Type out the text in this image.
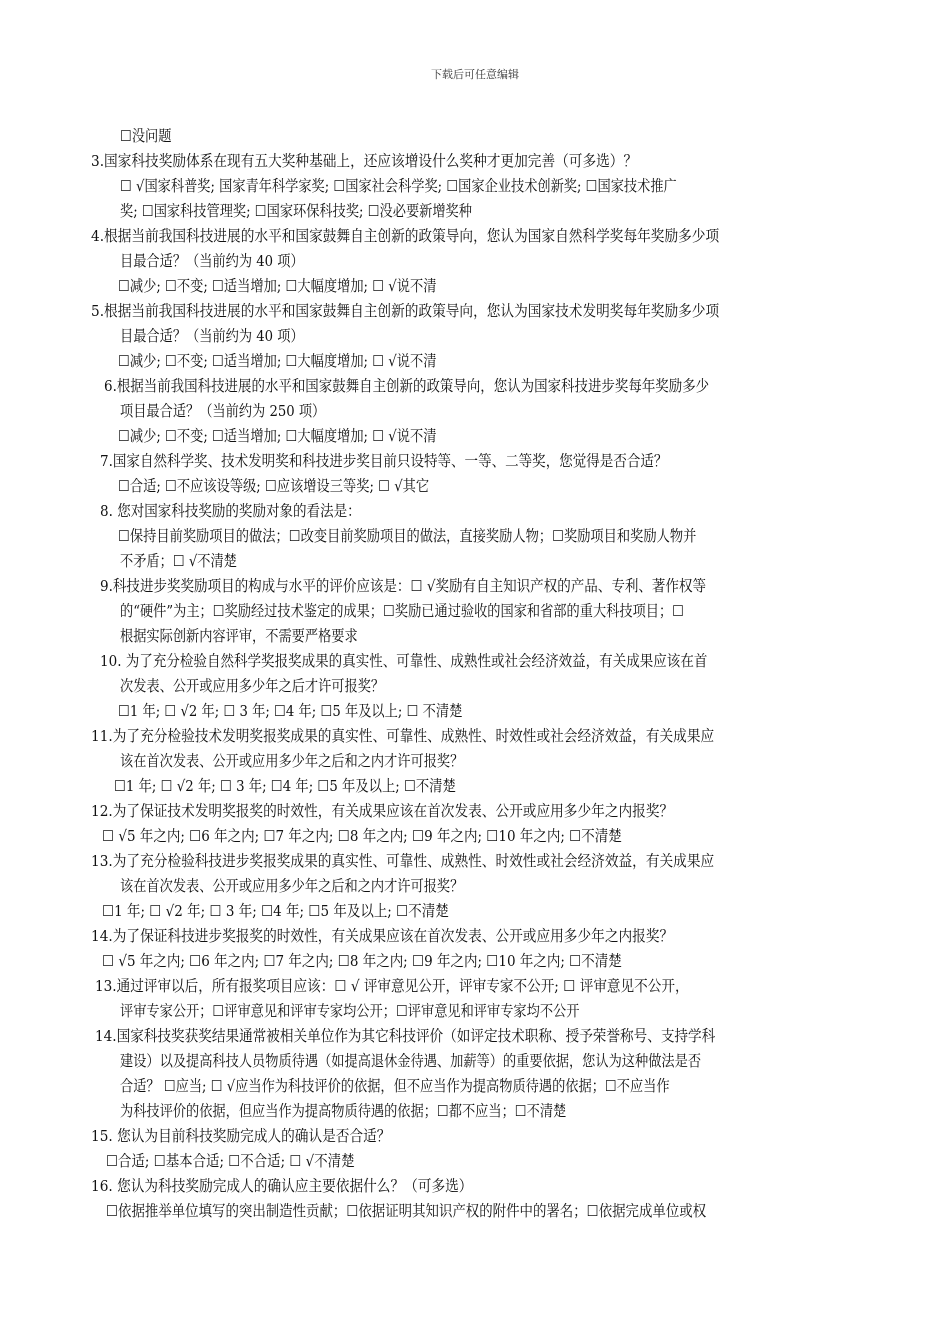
下载后可任意编辑
☐没问题
3.国家科技奖励体系在现有五大奖种基础上，还应该增设什么奖种才更加完善（可多选）？
☐ √国家科普奖; 国家青年科学家奖; ☐国家社会科学奖; ☐国家企业技术创新奖; ☐国家技术推广
奖; ☐国家科技管理奖; ☐国家环保科技奖; ☐没必要新增奖种
4.根据当前我国科技进展的水平和国家鼓舞自主创新的政策导向，您认为国家自然科学奖每年奖励多少项
目最合适？（当前约为 40 项）
☐减少; ☐不变; ☐适当增加; ☐大幅度增加; ☐ √说不清
5.根据当前我国科技进展的水平和国家鼓舞自主创新的政策导向，您认为国家技术发明奖每年奖励多少项
目最合适？（当前约为 40 项）
☐减少; ☐不变; ☐适当增加; ☐大幅度增加; ☐ √说不清
6.根据当前我国科技进展的水平和国家鼓舞自主创新的政策导向，您认为国家科技进步奖每年奖励多少
项目最合适？（当前约为 250 项）
☐减少; ☐不变; ☐适当增加; ☐大幅度增加; ☐ √说不清
7.国家自然科学奖、技术发明奖和科技进步奖目前只设特等、一等、二等奖，您觉得是否合适？
☐合适; ☐不应该设等级; ☐应该增设三等奖; ☐ √其它
8. 您对国家科技奖励的奖励对象的看法是：
☐保持目前奖励项目的做法；☐改变目前奖励项目的做法，直接奖励人物；☐奖励项目和奖励人物并
不矛盾；☐ √不清楚
9.科技进步奖奖励项目的构成与水平的评价应该是：☐ √奖励有自主知识产权的产品、专利、著作权等
的“硬件”为主；☐奖励经过技术鉴定的成果；☐奖励已通过验收的国家和省部的重大科技项目；☐
根据实际创新内容评审，不需要严格要求
10. 为了充分检验自然科学奖报奖成果的真实性、可靠性、成熟性或社会经济效益，有关成果应该在首
次发表、公开或应用多少年之后才许可报奖？
☐1 年; ☐ √2 年; ☐ 3 年; ☐4 年; ☐5 年及以上; ☐ 不清楚
11.为了充分检验技术发明奖报奖成果的真实性、可靠性、成熟性、时效性或社会经济效益，有关成果应
该在首次发表、公开或应用多少年之后和之内才许可报奖？
☐1 年; ☐ √2 年; ☐ 3 年; ☐4 年; ☐5 年及以上; ☐不清楚
12.为了保证技术发明奖报奖的时效性，有关成果应该在首次发表、公开或应用多少年之内报奖？
☐ √5 年之内; ☐6 年之内; ☐7 年之内; ☐8 年之内; ☐9 年之内; ☐10 年之内; ☐不清楚
13.为了充分检验科技进步奖报奖成果的真实性、可靠性、成熟性、时效性或社会经济效益，有关成果应
该在首次发表、公开或应用多少年之后和之内才许可报奖？
☐1 年; ☐ √2 年; ☐ 3 年; ☐4 年; ☐5 年及以上; ☐不清楚
14.为了保证科技进步奖报奖的时效性，有关成果应该在首次发表、公开或应用多少年之内报奖？
☐ √5 年之内; ☐6 年之内; ☐7 年之内; ☐8 年之内; ☐9 年之内; ☐10 年之内; ☐不清楚
13.通过评审以后，所有报奖项目应该：☐ √ 评审意见公开，评审专家不公开; ☐ 评审意见不公开，
评审专家公开；☐评审意见和评审专家均公开；☐评审意见和评审专家均不公开
14.国家科技奖获奖结果通常被相关单位作为其它科技评价（如评定技术职称、授予荣誉称号、支持学科
建设）以及提高科技人员物质待遇（如提高退休金待遇、加薪等）的重要依据，您认为这种做法是否
合适？ ☐应当; ☐ √应当作为科技评价的依据，但不应当作为提高物质待遇的依据；☐不应当作
为科技评价的依据，但应当作为提高物质待遇的依据；☐都不应当；☐不清楚
15. 您认为目前科技奖励完成人的确认是否合适？
☐合适; ☐基本合适; ☐不合适; ☐ √不清楚
16. 您认为科技奖励完成人的确认应主要依据什么？（可多选）
☐依据推举单位填写的突出制造性贡献；☐依据证明其知识产权的附件中的署名；☐依据完成单位或权
